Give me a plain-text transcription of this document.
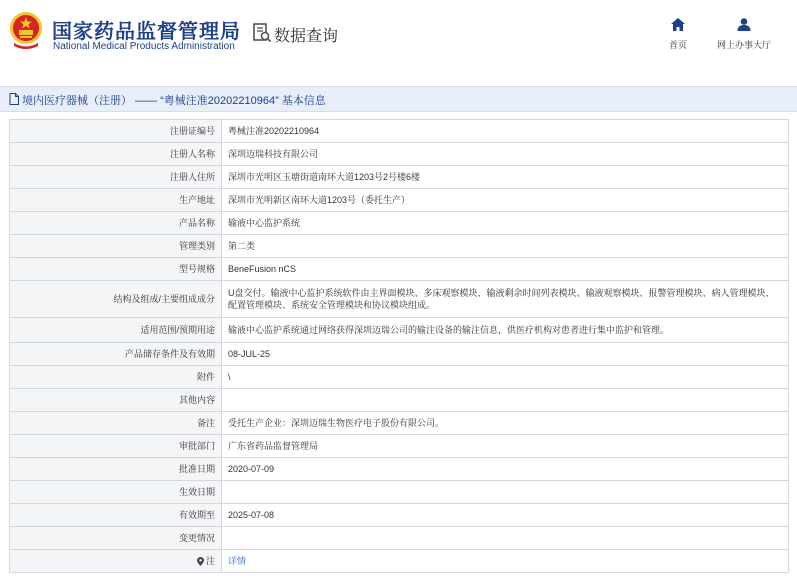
国家药品监督管理局
National Medical Products Administration
数据查询	首页	网上办事大厅
境内医疗器械（注册） —— “粤械注准20202210964” 基本信息
注册证编号	粤械注准20202210964
注册人名称	深圳迈瑞科技有限公司
注册人住所	深圳市光明区玉塘街道南环大道1203号2号楼6楼
生产地址	深圳市光明新区南环大道1203号（委托生产）
产品名称	输液中心监护系统
管理类别	第二类
型号规格	BeneFusion nCS
结构及组成/主要组成成分	U盘交付。输液中心监护系统软件由主界面模块、多床观察模块、输液剩余时间列表模块、输液观察模块、报警管理模块、病人管理模块、配置管理模块、系统安全管理模块和协议模块组成。
适用范围/预期用途	输液中心监护系统通过网络获得深圳迈瑞公司的输注设备的输注信息，供医疗机构对患者进行集中监护和管理。
产品储存条件及有效期	08-JUL-25
附件	\
其他内容	
备注	受托生产企业：深圳迈瑞生物医疗电子股份有限公司。
审批部门	广东省药品监督管理局
批准日期	2020-07-09
生效日期	
有效期至	2025-07-08
变更情况	
注	详情
